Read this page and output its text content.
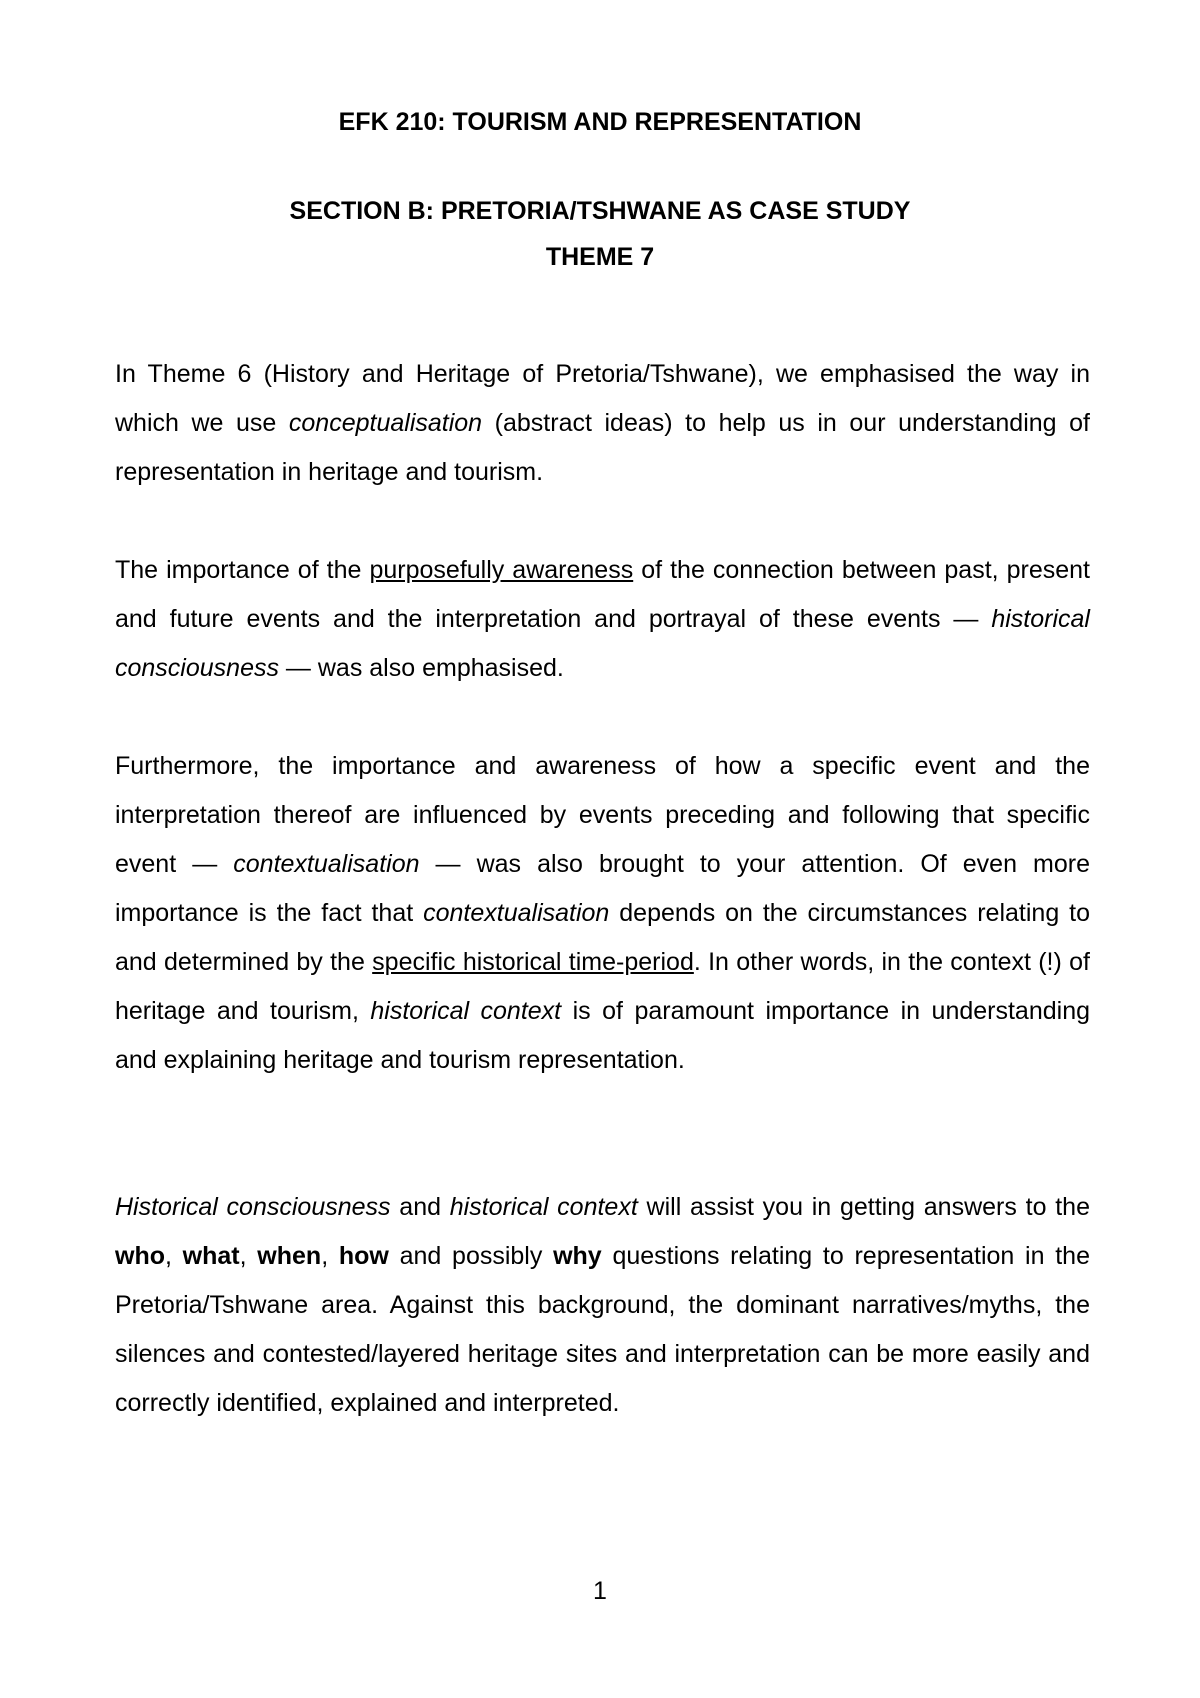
EFK 210: TOURISM AND REPRESENTATION
SECTION B: PRETORIA/TSHWANE AS CASE STUDY
THEME 7

In Theme 6 (History and Heritage of Pretoria/Tshwane), we emphasised the way in which we use conceptualisation (abstract ideas) to help us in our understanding of representation in heritage and tourism.

The importance of the purposefully awareness of the connection between past, present and future events and the interpretation and portrayal of these events — historical consciousness — was also emphasised.

Furthermore, the importance and awareness of how a specific event and the interpretation thereof are influenced by events preceding and following that specific event — contextualisation — was also brought to your attention. Of even more importance is the fact that contextualisation depends on the circumstances relating to and determined by the specific historical time-period. In other words, in the context (!) of heritage and tourism, historical context is of paramount importance in understanding and explaining heritage and tourism representation.

Historical consciousness and historical context will assist you in getting answers to the who, what, when, how and possibly why questions relating to representation in the Pretoria/Tshwane area. Against this background, the dominant narratives/myths, the silences and contested/layered heritage sites and interpretation can be more easily and correctly identified, explained and interpreted.

1
